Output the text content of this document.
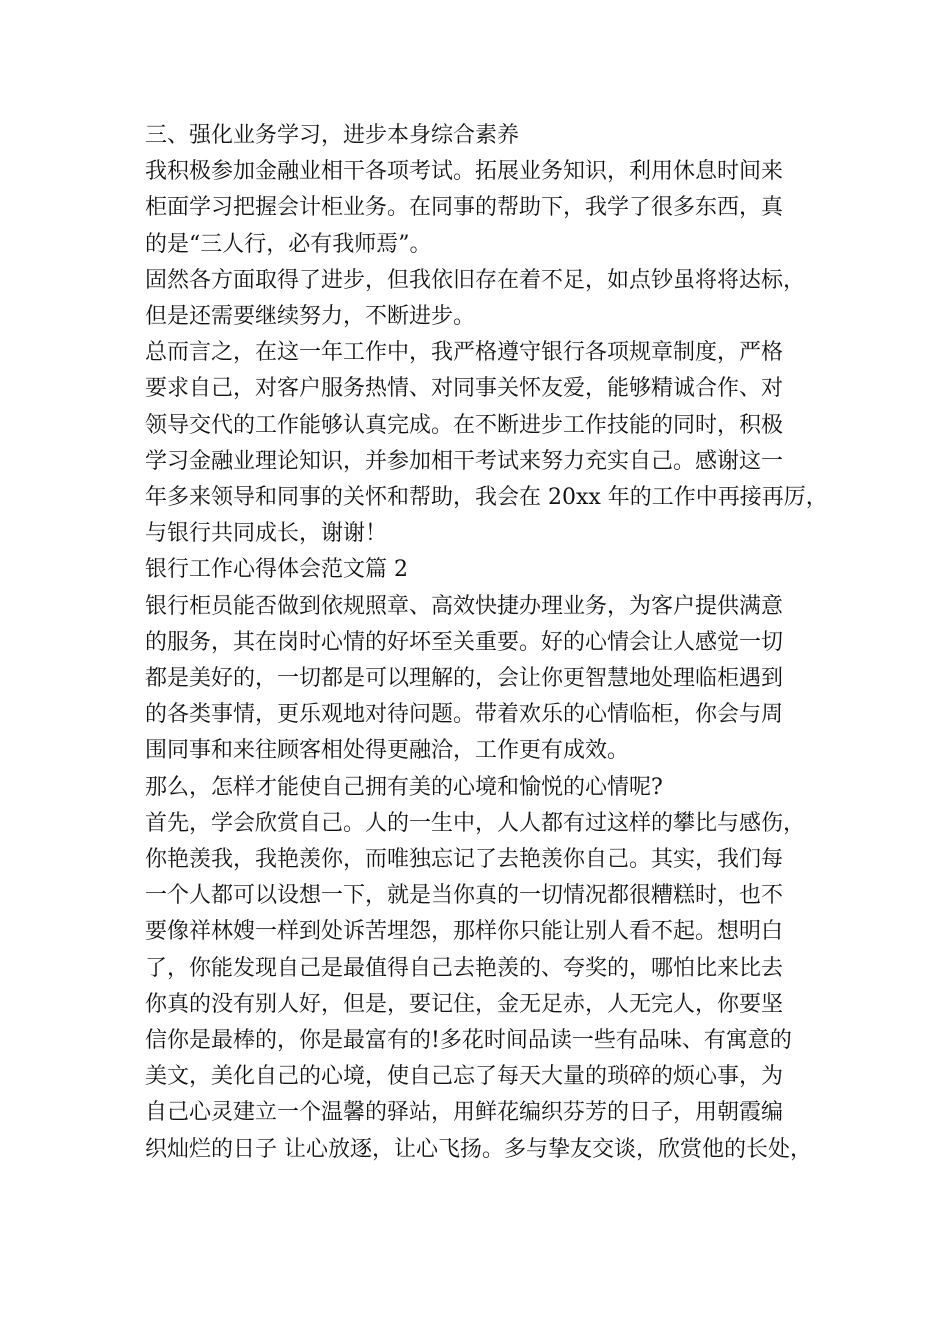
三、强化业务学习，进步本身综合素养
我积极参加金融业相干各项考试。拓展业务知识，利用休息时间来
柜面学习把握会计柜业务。在同事的帮助下，我学了很多东西，真
的是“三人行，必有我师焉”。
固然各方面取得了进步，但我依旧存在着不足，如点钞虽将将达标，
但是还需要继续努力，不断进步。
总而言之，在这一年工作中，我严格遵守银行各项规章制度，严格
要求自己，对客户服务热情、对同事关怀友爱，能够精诚合作、对
领导交代的工作能够认真完成。在不断进步工作技能的同时，积极
学习金融业理论知识，并参加相干考试来努力充实自己。感谢这一
年多来领导和同事的关怀和帮助，我会在 20xx 年的工作中再接再厉，
与银行共同成长，谢谢！
银行工作心得体会范文篇 2
银行柜员能否做到依规照章、高效快捷办理业务，为客户提供满意
的服务，其在岗时心情的好坏至关重要。好的心情会让人感觉一切
都是美好的，一切都是可以理解的，会让你更智慧地处理临柜遇到
的各类事情，更乐观地对待问题。带着欢乐的心情临柜，你会与周
围同事和来往顾客相处得更融洽，工作更有成效。
那么，怎样才能使自己拥有美的心境和愉悦的心情呢?
首先，学会欣赏自己。人的一生中，人人都有过这样的攀比与感伤，
你艳羡我，我艳羡你，而唯独忘记了去艳羡你自己。其实，我们每
一个人都可以设想一下，就是当你真的一切情况都很糟糕时，也不
要像祥林嫂一样到处诉苦埋怨，那样你只能让别人看不起。想明白
了，你能发现自己是最值得自己去艳羡的、夸奖的，哪怕比来比去
你真的没有别人好，但是，要记住，金无足赤，人无完人，你要坚
信你是最棒的，你是最富有的!多花时间品读一些有品味、有寓意的
美文，美化自己的心境，使自己忘了每天大量的琐碎的烦心事，为
自己心灵建立一个温馨的驿站，用鲜花编织芬芳的日子，用朝霞编
织灿烂的日子 让心放逐，让心飞扬。多与挚友交谈，欣赏他的长处，
